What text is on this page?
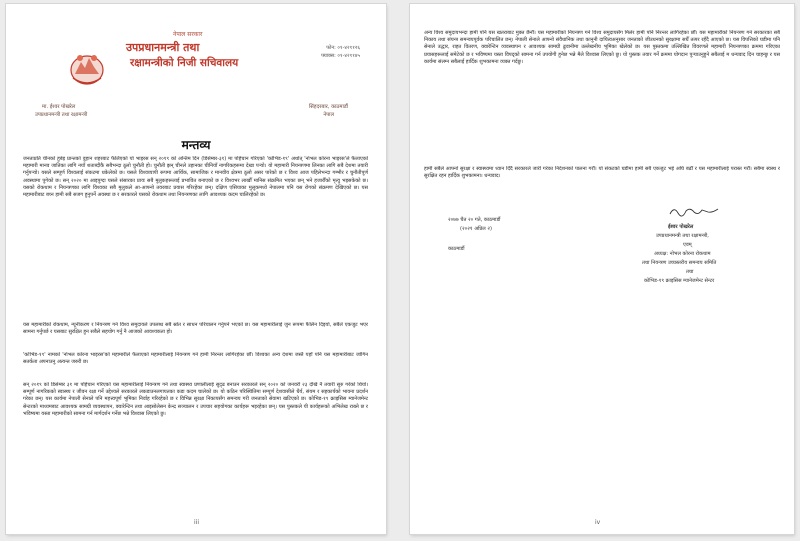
नेपाल सरकार
उपप्रधानमन्त्री तथा
रक्षामन्त्रीको निजी सचिवालय
फोन: ०१-४२११२६
फ्याक्स: ०१-४२११४५
मा. ईश्वर पोखरेल
उपप्रधानमन्त्री तथा रक्षामन्त्री
सिंहदरबार, काठमाडौं
नेपाल
मन्तव्य

जनताप्रति चीनको हुबेइ प्रान्तको वुहान शहरबाट फैलिएको यो भाइरस सन् २०१९ को अन्तिम दिन (डिसेम्बर-३१) मा पहिचान गरिएको 'कोभिड-१९' अर्थात् 'नोभल कोरना भाइरस'ले फैलाएको महामारी मानव जातिका लागि नयाँ शताब्दीकै सबैभन्दा ठूलो चुनौती हो। चुनौती झन् चीनले उहानका चीनियाँ नागरिकहरूमा देखा पर्‍यो। यो महामारी नियन्त्रणमा लिनका लागि सबै देशमा तयारी गर्नुपर्‍यो। यसले सम्पूर्ण विश्वलाई संकटमा धकेलेको छ। यसले विश्वव्यापी रूपमा आर्थिक, सामाजिक र मानवीय क्षेत्रमा ठूलो असर पारेको छ र विश्व आज पहिलेभन्दा गम्भीर र चुनौतीपूर्ण अवस्थामा पुगेको छ। सन् २०२० मा आइपुग्दा यसले संसारका प्रायः सबै मुलुकहरूलाई प्रभावित बनाएको छ र विश्वभर लाखौँ मानिस संक्रमित भएका छन् भने हजारौँको मृत्यु भइसकेको छ। यसको रोकथाम र नियन्त्रणका लागि विश्वका सबै मुलुकले आ-आफ्नो तवरबाट प्रयास गरिरहेका छन्। दक्षिण एसियाका मुलुकमध्ये नेपालमा पनि यस रोगको संक्रमण देखिएको छ। यस महामारीबाट बच्न हामी सबै सजग हुनुपर्ने अवस्था छ र सरकारले यसको रोकथाम तथा नियन्त्रणका लागि आवश्यक कदम चालिरहेको छ।

यस महामारीको रोकथाम, न्यूनीकरण र नियन्त्रण गर्न विश्व समुदायले उपलब्ध सबै स्रोत र साधन परिचालन गर्नुपर्ने भएको छ। यस महामारीलाई जुन रूपमा फैलिन दिइयो, सबैले एकजुट भएर सामना गर्नुपर्छ र यसबाट सुरक्षित हुन सबैले सहयोग गर्नु नै आजको आवश्यकता हो।

'कोभिड-१९' नामको 'नोभल कोरना भाइरस'को महामारीले फैलाएको महामारीलाई नियन्त्रण गर्न हामी निरन्तर लागिरहेका छौँ। विश्वका अन्य देशमा जस्तै यहाँ पनि यस महामारीबाट जोगिन सतर्कता अपनाउनु अत्यन्त जरुरी छ।

सन् २०१९ को डिसेम्बर ३१ मा पहिचान गरिएको यस महामारीलाई नियन्त्रण गर्न तथा स्वास्थ्य प्रणालीलाई सुदृढ बनाउन सरकारले सन् २०२० को जनवरी २३ देखि नै तयारी सुरु गरेको थियो। सम्पूर्ण नागरिकको स्वास्थ्य र जीवन रक्षा गर्ने उद्देश्यले सरकारले लकडाउनलगायतका कडा कदम चालेको छ। यो कठिन परिस्थितिमा सम्पूर्ण देशवासीले धैर्य, संयम र सहकार्यको भावना प्रदर्शन गरेका छन्। यस कार्यमा नेपाली सेनाले पनि महत्त्वपूर्ण भूमिका निर्वाह गरिरहेको छ र विभिन्न सुरक्षा निकायसँग समन्वय गरी जनताको सेवामा खटिएको छ। कोभिड-१९ क्राइसिस म्यानेजमेन्ट सेन्टरको माध्यमबाट आवश्यक सामग्री व्यवस्थापन, क्वारेन्टिन तथा आइसोलेसन केन्द्र सञ्चालन र उपचार सहयोगका कार्यहरू भइरहेका छन्। यस पुस्तकले यी कार्यहरूको अभिलेख राख्ने छ र भविष्यमा यस्ता महामारीको सामना गर्न मार्गदर्शन गर्नेछ भन्ने विश्वास लिएको छु।

iii

अन्य विश्व समुदायभन्दा हामी पनि यस खतराबाट मुक्त छैनौँ। यस महामारीको नियन्त्रण गर्न विश्व समुदायसँग मिलेर हामी पनि निरन्तर लागिरहेका छौँ। यस महामारीको नियन्त्रण गर्न सरकारका सबै निकाय तथा संयन्त्र समन्वयपूर्वक परिचालित छन्। नेपाली सेनाले आफ्नो संवैधानिक तथा कानुनी दायित्वअनुसार जनताको जीउधनको सुरक्षामा सधैँ तत्पर रहँदै आएको छ। यस विपत्तिको घडीमा पनि सेनाले उद्धार, राहत वितरण, क्वारेन्टिन व्यवस्थापन र आवश्यक सामग्री ढुवानीमा उल्लेखनीय भूमिका खेलेको छ। यस पुस्तकमा उल्लिखित विवरणले महामारी नियन्त्रणका क्रममा गरिएका प्रयासहरूलाई समेटेको छ र भविष्यमा यस्ता विपद्को सामना गर्न उपयोगी हुनेछ भन्ने मैले विश्वास लिएको छु। यो पुस्तक तयार गर्ने क्रममा योगदान पुर्‍याउनुहुने सबैलाई म धन्यवाद दिन चाहन्छु र यस कार्यमा संलग्न सबैलाई हार्दिक शुभकामना व्यक्त गर्दछु।

हामी सबैले आफ्नो सुरक्षा र स्वास्थ्यमा ध्यान दिँदै सरकारले जारी गरेका निर्देशनको पालना गरौँ। यो संकटको घडीमा हामी सबै एकजुट भई अघि बढौँ र यस महामारीलाई परास्त गरौँ। सबैमा स्वस्थ र सुरक्षित रहन हार्दिक शुभकामना। धन्यवाद।

२०७७ चैत २० गते, काठमाडौं
(२०२१ अप्रिल २)
काठमाडौं
ईश्वर पोखरेल
उपप्रधानमन्त्री तथा रक्षामन्त्री,
एवम्
अध्यक्ष: नोभल कोरना रोकथाम
तथा नियन्त्रण उच्चस्तरीय समन्वय समिति
तथा
कोभिड-१९ क्राइसिस म्यानेजमेन्ट सेन्टर
iv
